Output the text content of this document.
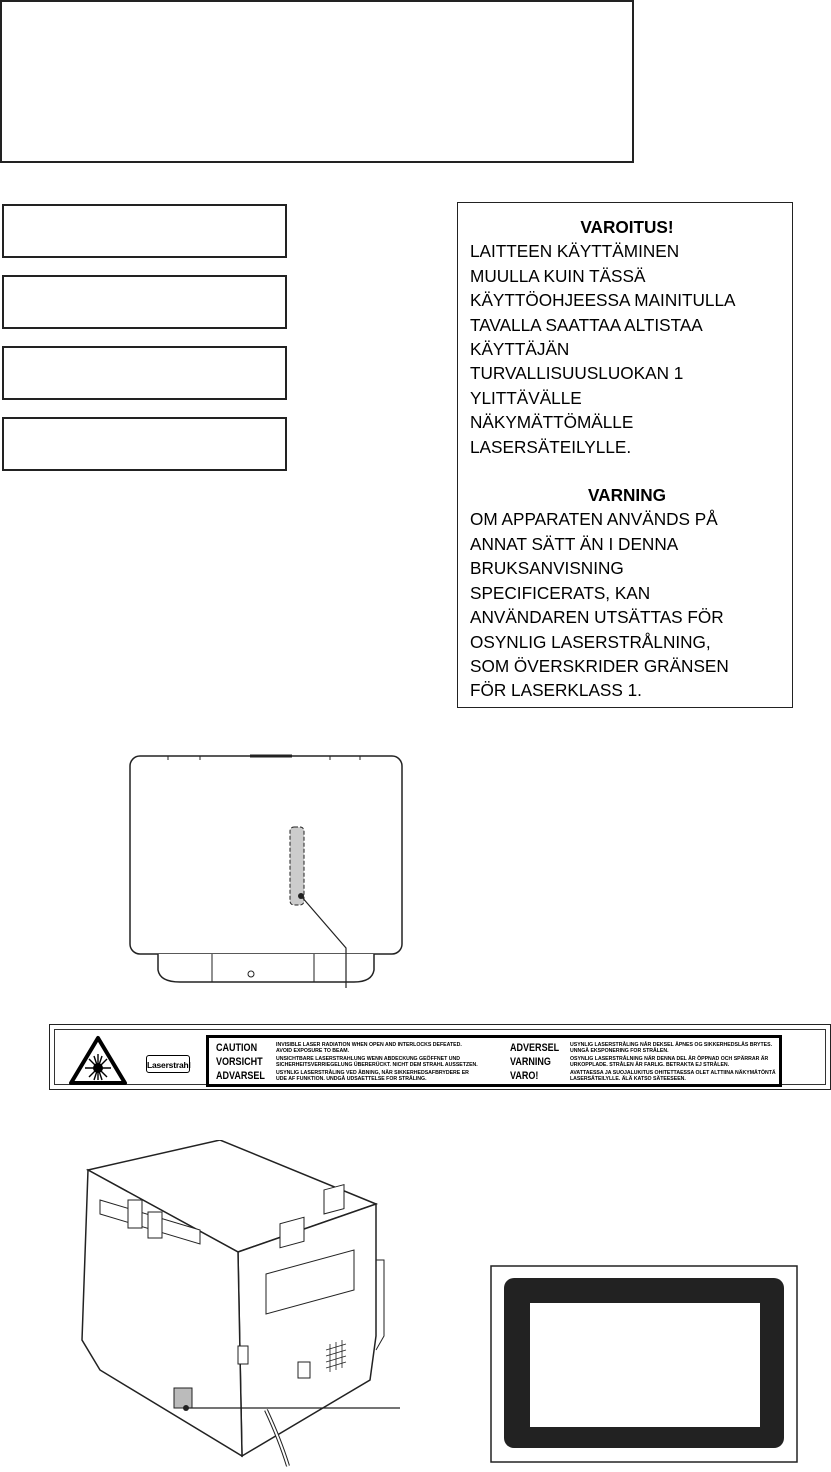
VAROITUS!
LAITTEEN KÄYTTÄMINEN
MUULLA KUIN TÄSSÄ
KÄYTTÖOHJEESSA MAINITULLA
TAVALLA SAATTAA ALTISTAA
KÄYTTÄJÄN
TURVALLISUUSLUOKAN 1
YLITTÄVÄLLE
NÄKYMÄTTÖMÄLLE
LASERSÄTEILYLLE.
VARNING
OM APPARATEN ANVÄNDS PÅ
ANNAT SÄTT ÄN I DENNA
BRUKSANVISNING
SPECIFICERATS, KAN
ANVÄNDAREN UTSÄTTAS FÖR
OSYNLIG LASERSTRÅLNING,
SOM ÖVERSKRIDER GRÄNSEN
FÖR LASERKLASS 1.
Laserstrahl
CAUTION	INVISIBLE LASER RADIATION WHEN OPEN AND INTERLOCKS DEFEATED.
AVOID EXPOSURE TO BEAM.
VORSICHT	UNSICHTBARE LASERSTRAHLUNG WENN ABDECKUNG GEÖFFNET UND
SICHERHEITSVERRIEGELUNG ÜBERERÜCKT. NICHT DEM STRAHL AUSSETZEN.
ADVARSEL USYNLIG LASERSTRÅLING VED ÅBNING, NÅR SIKKERHEDSAFBRYDERE ER
UDE AF FUNKTION. UNDGÅ UDSAETTELSE FOR STRÅLING.
ADVERSEL USYNLIG LASERSTRÅLING NÅR DEKSEL ÅPNES OG SIKKERHEDSLÅS BRYTES.
UNNGÅ EKSPONERING FOR STRÅLEN.
VARNING	OSYNLIG LASERSTRÅLNING NÄR DENNA DEL ÄR ÖPPNAD OCH SPÄRRAR ÄR
URKOPPLADE. STRÅLEN ÄR FARLIG. BETRAKTA EJ STRÅLEN.
VARO!	AVATTAESSA JA SUOJALUKITUS OHITETTAESSA OLET ALTTIINA NÄKYMÄTÖNTÄ
LASERSÄTEILYLLE. ÄLÄ KATSO SÄTEESEEN.
